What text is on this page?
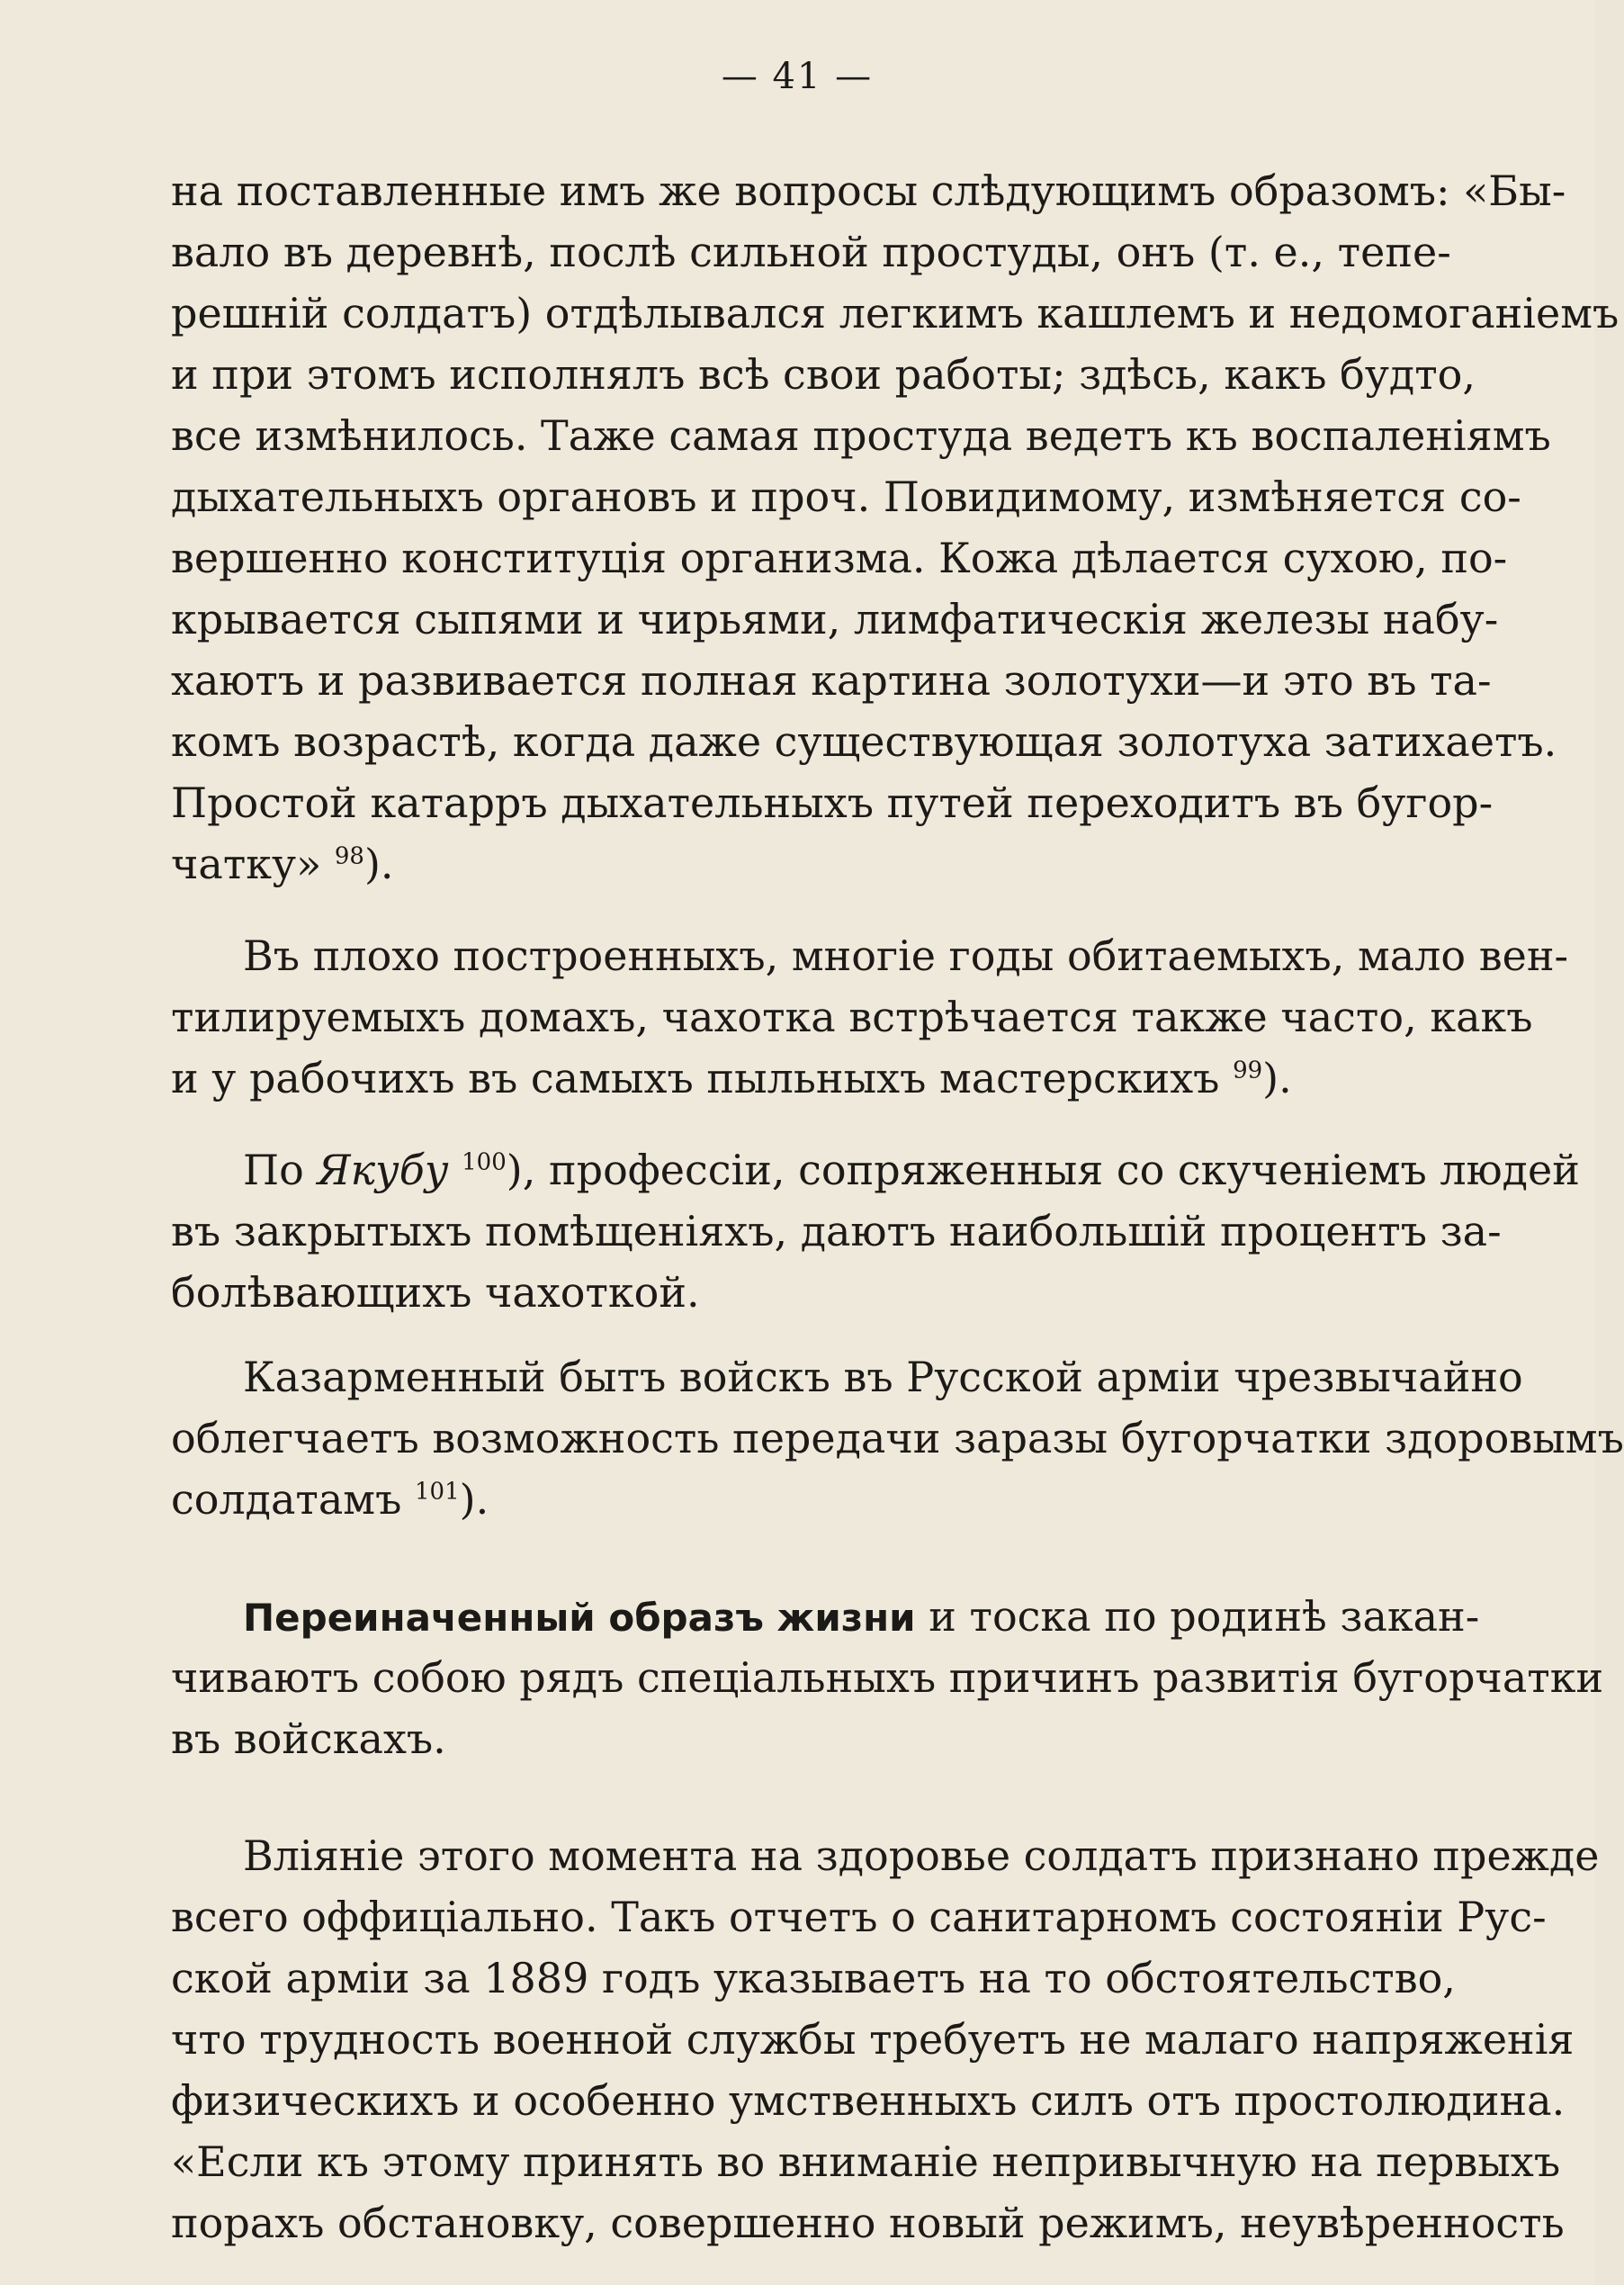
— 41 —
на поставленные имъ же вопросы слѣдующимъ образомъ: «Бы-
вало въ деревнѣ, послѣ сильной простуды, онъ (т. е., тепе-
решній солдатъ) отдѣлывался легкимъ кашлемъ и недомоганіемъ
и при этомъ исполнялъ всѣ свои работы; здѣсь, какъ будто,
все измѣнилось. Таже самая простуда ведетъ къ воспаленіямъ
дыхательныхъ органовъ и проч. Повидимому, измѣняется со-
вершенно конституція организма. Кожа дѣлается сухою, по-
крывается сыпями и чирьями, лимфатическія железы набу-
хаютъ и развивается полная картина золотухи—и это въ та-
комъ возрастѣ, когда даже существующая золотуха затихаетъ.
Простой катарръ дыхательныхъ путей переходитъ въ бугор-
чатку» $^{98}$).
Въ плохо построенныхъ, многіе годы обитаемыхъ, мало вен-
тилируемыхъ домахъ, чахотка встрѣчается также часто, какъ
и у рабочихъ въ самыхъ пыльныхъ мастерскихъ $^{99}$).
По Якубу $^{100}$), профессіи, сопряженныя со скученіемъ людей
въ закрытыхъ помѣщеніяхъ, даютъ наибольшій процентъ за-
болѣвающихъ чахоткой.
Казарменный бытъ войскъ въ Русской арміи чрезвычайно
облегчаетъ возможность передачи заразы бугорчатки здоровымъ
солдатамъ $^{101}$).
Переиначенный образъ жизни и тоска по родинѣ закан-
чиваютъ собою рядъ спеціальныхъ причинъ развитія бугорчатки
въ войскахъ.
Вліяніе этого момента на здоровье солдатъ признано прежде
всего оффиціально. Такъ отчетъ о санитарномъ состояніи Рус-
ской арміи за 1889 годъ указываетъ на то обстоятельство,
что трудность военной службы требуетъ не малаго напряженія
физическихъ и особенно умственныхъ силъ отъ простолюдина.
«Если къ этому принять во вниманіе непривычную на первыхъ
порахъ обстановку, совершенно новый режимъ, неувѣренность
